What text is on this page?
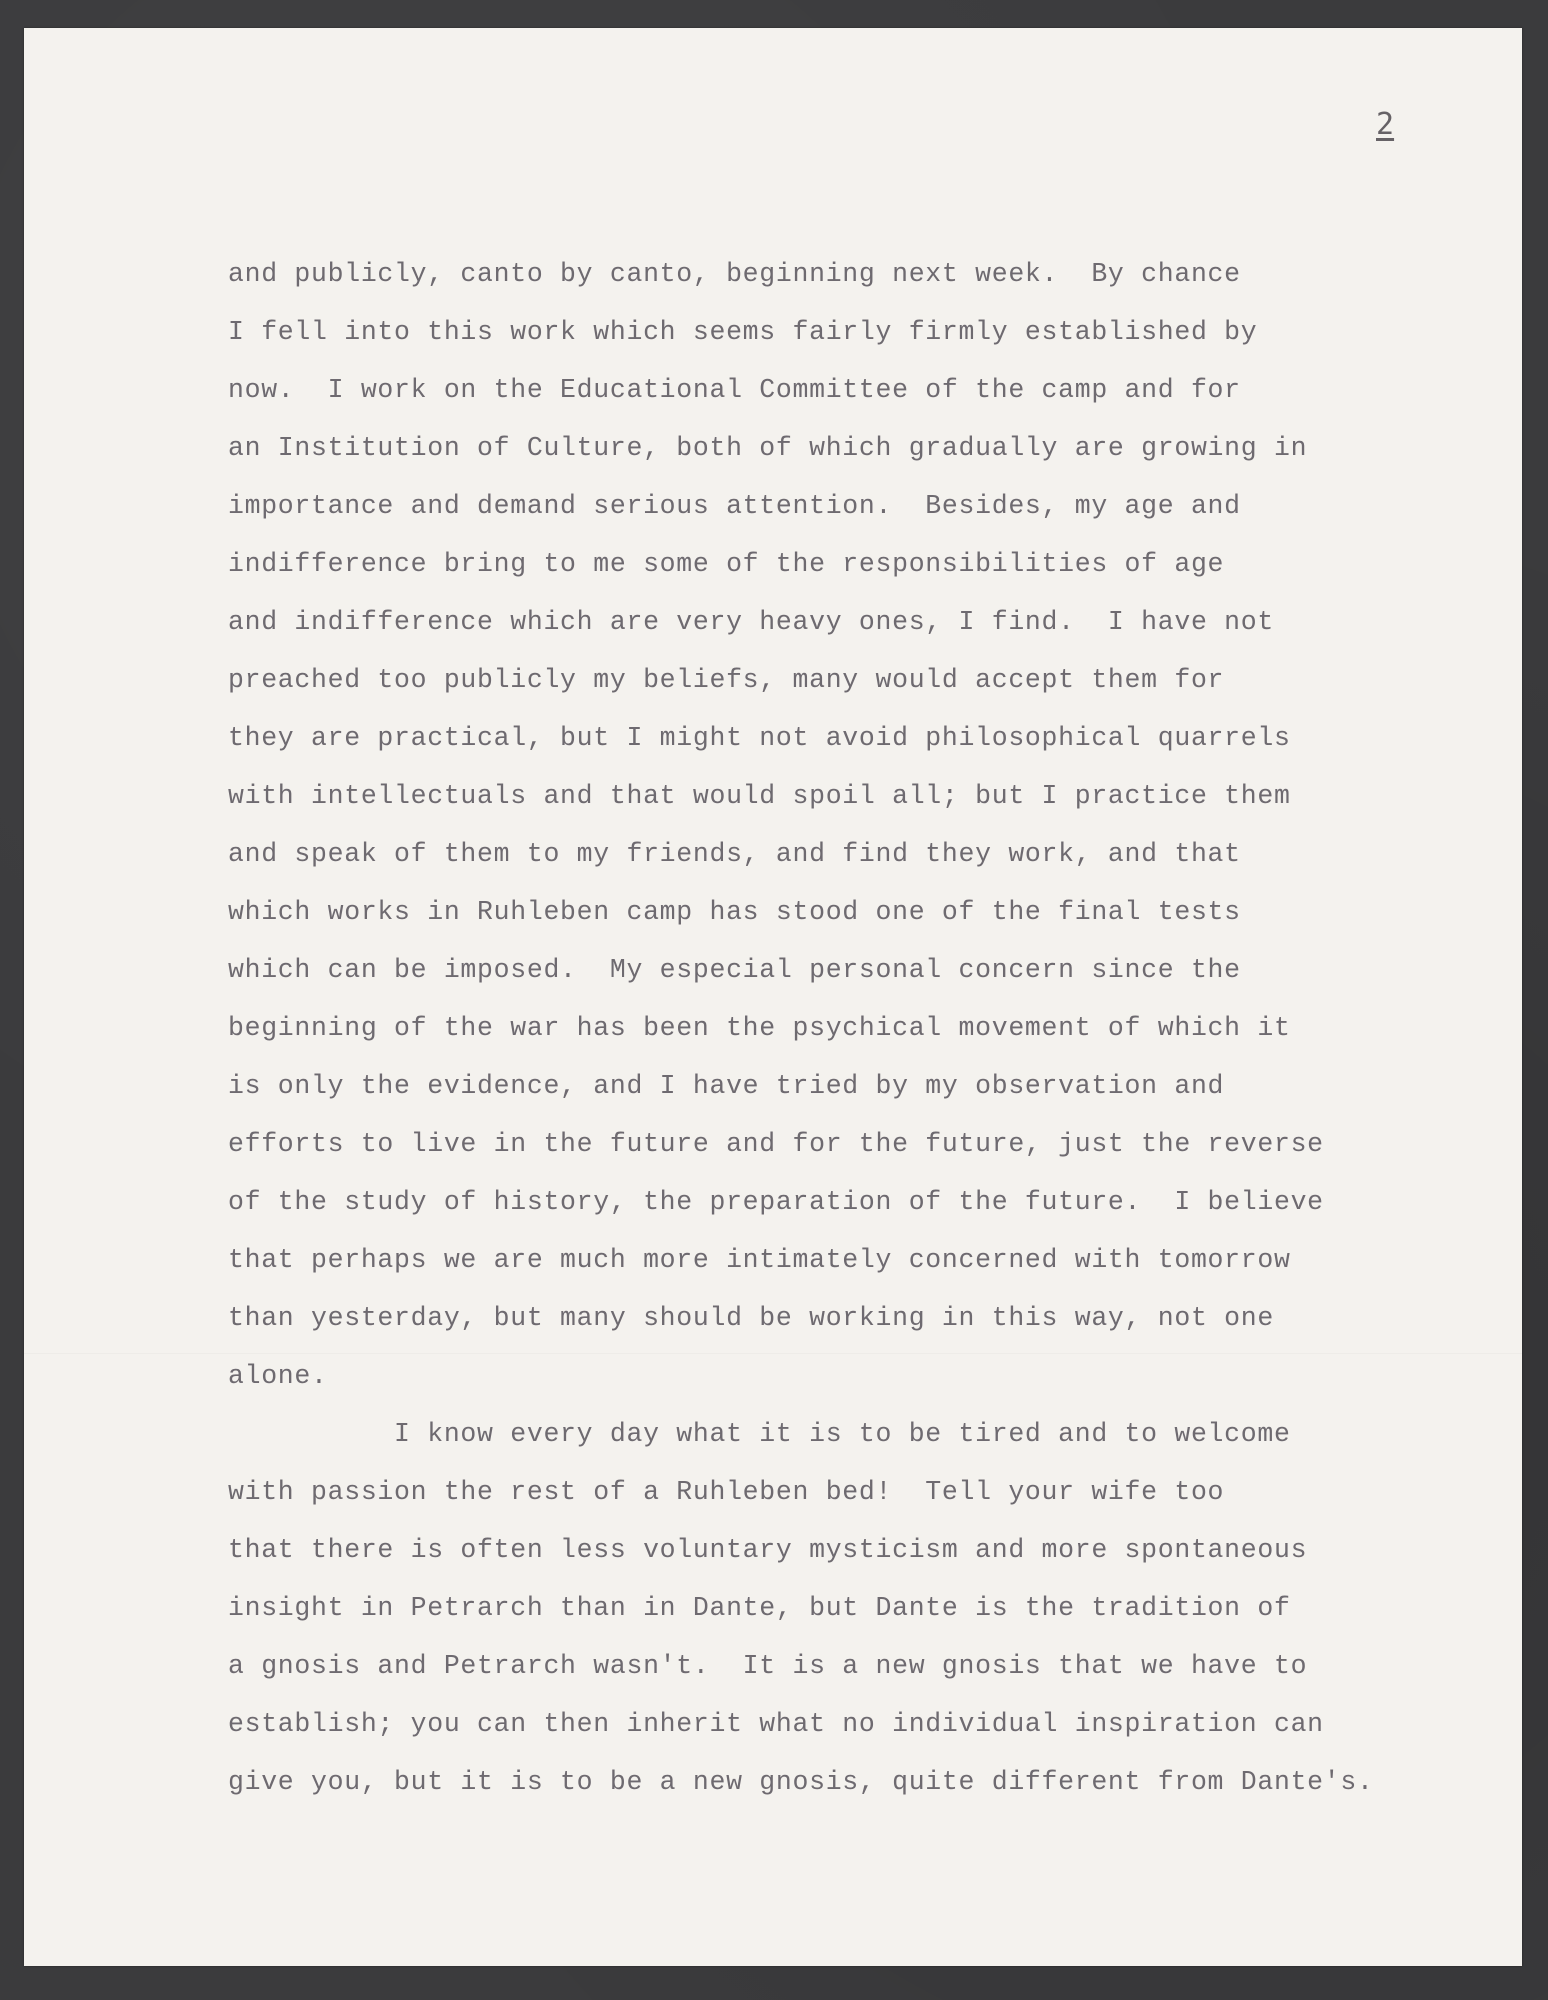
2
and publicly, canto by canto, beginning next week.  By chance
I fell into this work which seems fairly firmly established by
now.  I work on the Educational Committee of the camp and for
an Institution of Culture, both of which gradually are growing in
importance and demand serious attention.  Besides, my age and
indifference bring to me some of the responsibilities of age
and indifference which are very heavy ones, I find.  I have not
preached too publicly my beliefs, many would accept them for
they are practical, but I might not avoid philosophical quarrels
with intellectuals and that would spoil all; but I practice them
and speak of them to my friends, and find they work, and that
which works in Ruhleben camp has stood one of the final tests
which can be imposed.  My especial personal concern since the
beginning of the war has been the psychical movement of which it
is only the evidence, and I have tried by my observation and
efforts to live in the future and for the future, just the reverse
of the study of history, the preparation of the future.  I believe
that perhaps we are much more intimately concerned with tomorrow
than yesterday, but many should be working in this way, not one
alone.
I know every day what it is to be tired and to welcome
with passion the rest of a Ruhleben bed!  Tell your wife too
that there is often less voluntary mysticism and more spontaneous
insight in Petrarch than in Dante, but Dante is the tradition of
a gnosis and Petrarch wasn't.  It is a new gnosis that we have to
establish; you can then inherit what no individual inspiration can
give you, but it is to be a new gnosis, quite different from Dante's.
